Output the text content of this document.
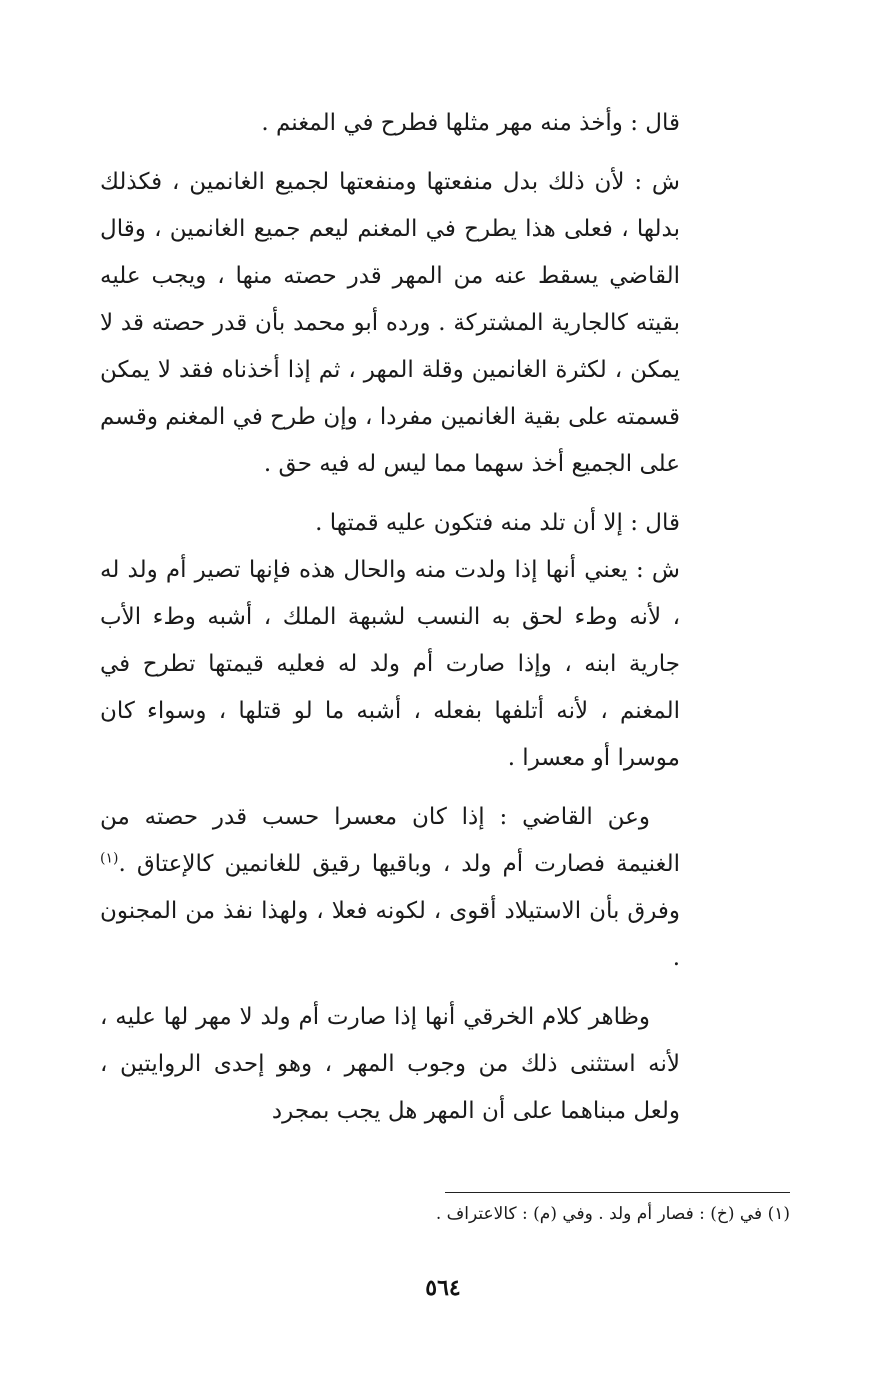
قال : وأخذ منه مهر مثلها فطرح في المغنم .

ش : لأن ذلك بدل منفعتها ومنفعتها لجميع الغانمين ، فكذلك بدلها ، فعلى هذا يطرح في المغنم ليعم جميع الغانمين ، وقال القاضي يسقط عنه من المهر قدر حصته منها ، ويجب عليه بقيته كالجارية المشتركة . ورده أبو محمد بأن قدر حصته قد لا يمكن ، لكثرة الغانمين وقلة المهر ، ثم إذا أخذناه فقد لا يمكن قسمته على بقية الغانمين مفردا ، وإن طرح في المغنم وقسم على الجميع أخذ سهما مما ليس له فيه حق .

قال : إلا أن تلد منه فتكون عليه قمتها .

ش : يعني أنها إذا ولدت منه والحال هذه فإنها تصير أم ولد له ، لأنه وطء لحق به النسب لشبهة الملك ، أشبه وطء الأب جارية ابنه ، وإذا صارت أم ولد له فعليه قيمتها تطرح في المغنم ، لأنه أتلفها بفعله ، أشبه ما لو قتلها ، وسواء كان موسرا أو معسرا .

وعن القاضي : إذا كان معسرا حسب قدر حصته من الغنيمة فصارت أم ولد ، وباقيها رقيق للغانمين كالإعتاق .$^{(١)}$ وفرق بأن الاستيلاد أقوى ، لكونه فعلا ، ولهذا نفذ من المجنون .

وظاهر كلام الخرقي أنها إذا صارت أم ولد لا مهر لها عليه ، لأنه استثنى ذلك من وجوب المهر ، وهو إحدى الروايتين ، ولعل مبناهما على أن المهر هل يجب بمجرد

(١) في (خ) : فصار أم ولد . وفي (م) : كالاعتراف .
٥٦٤
